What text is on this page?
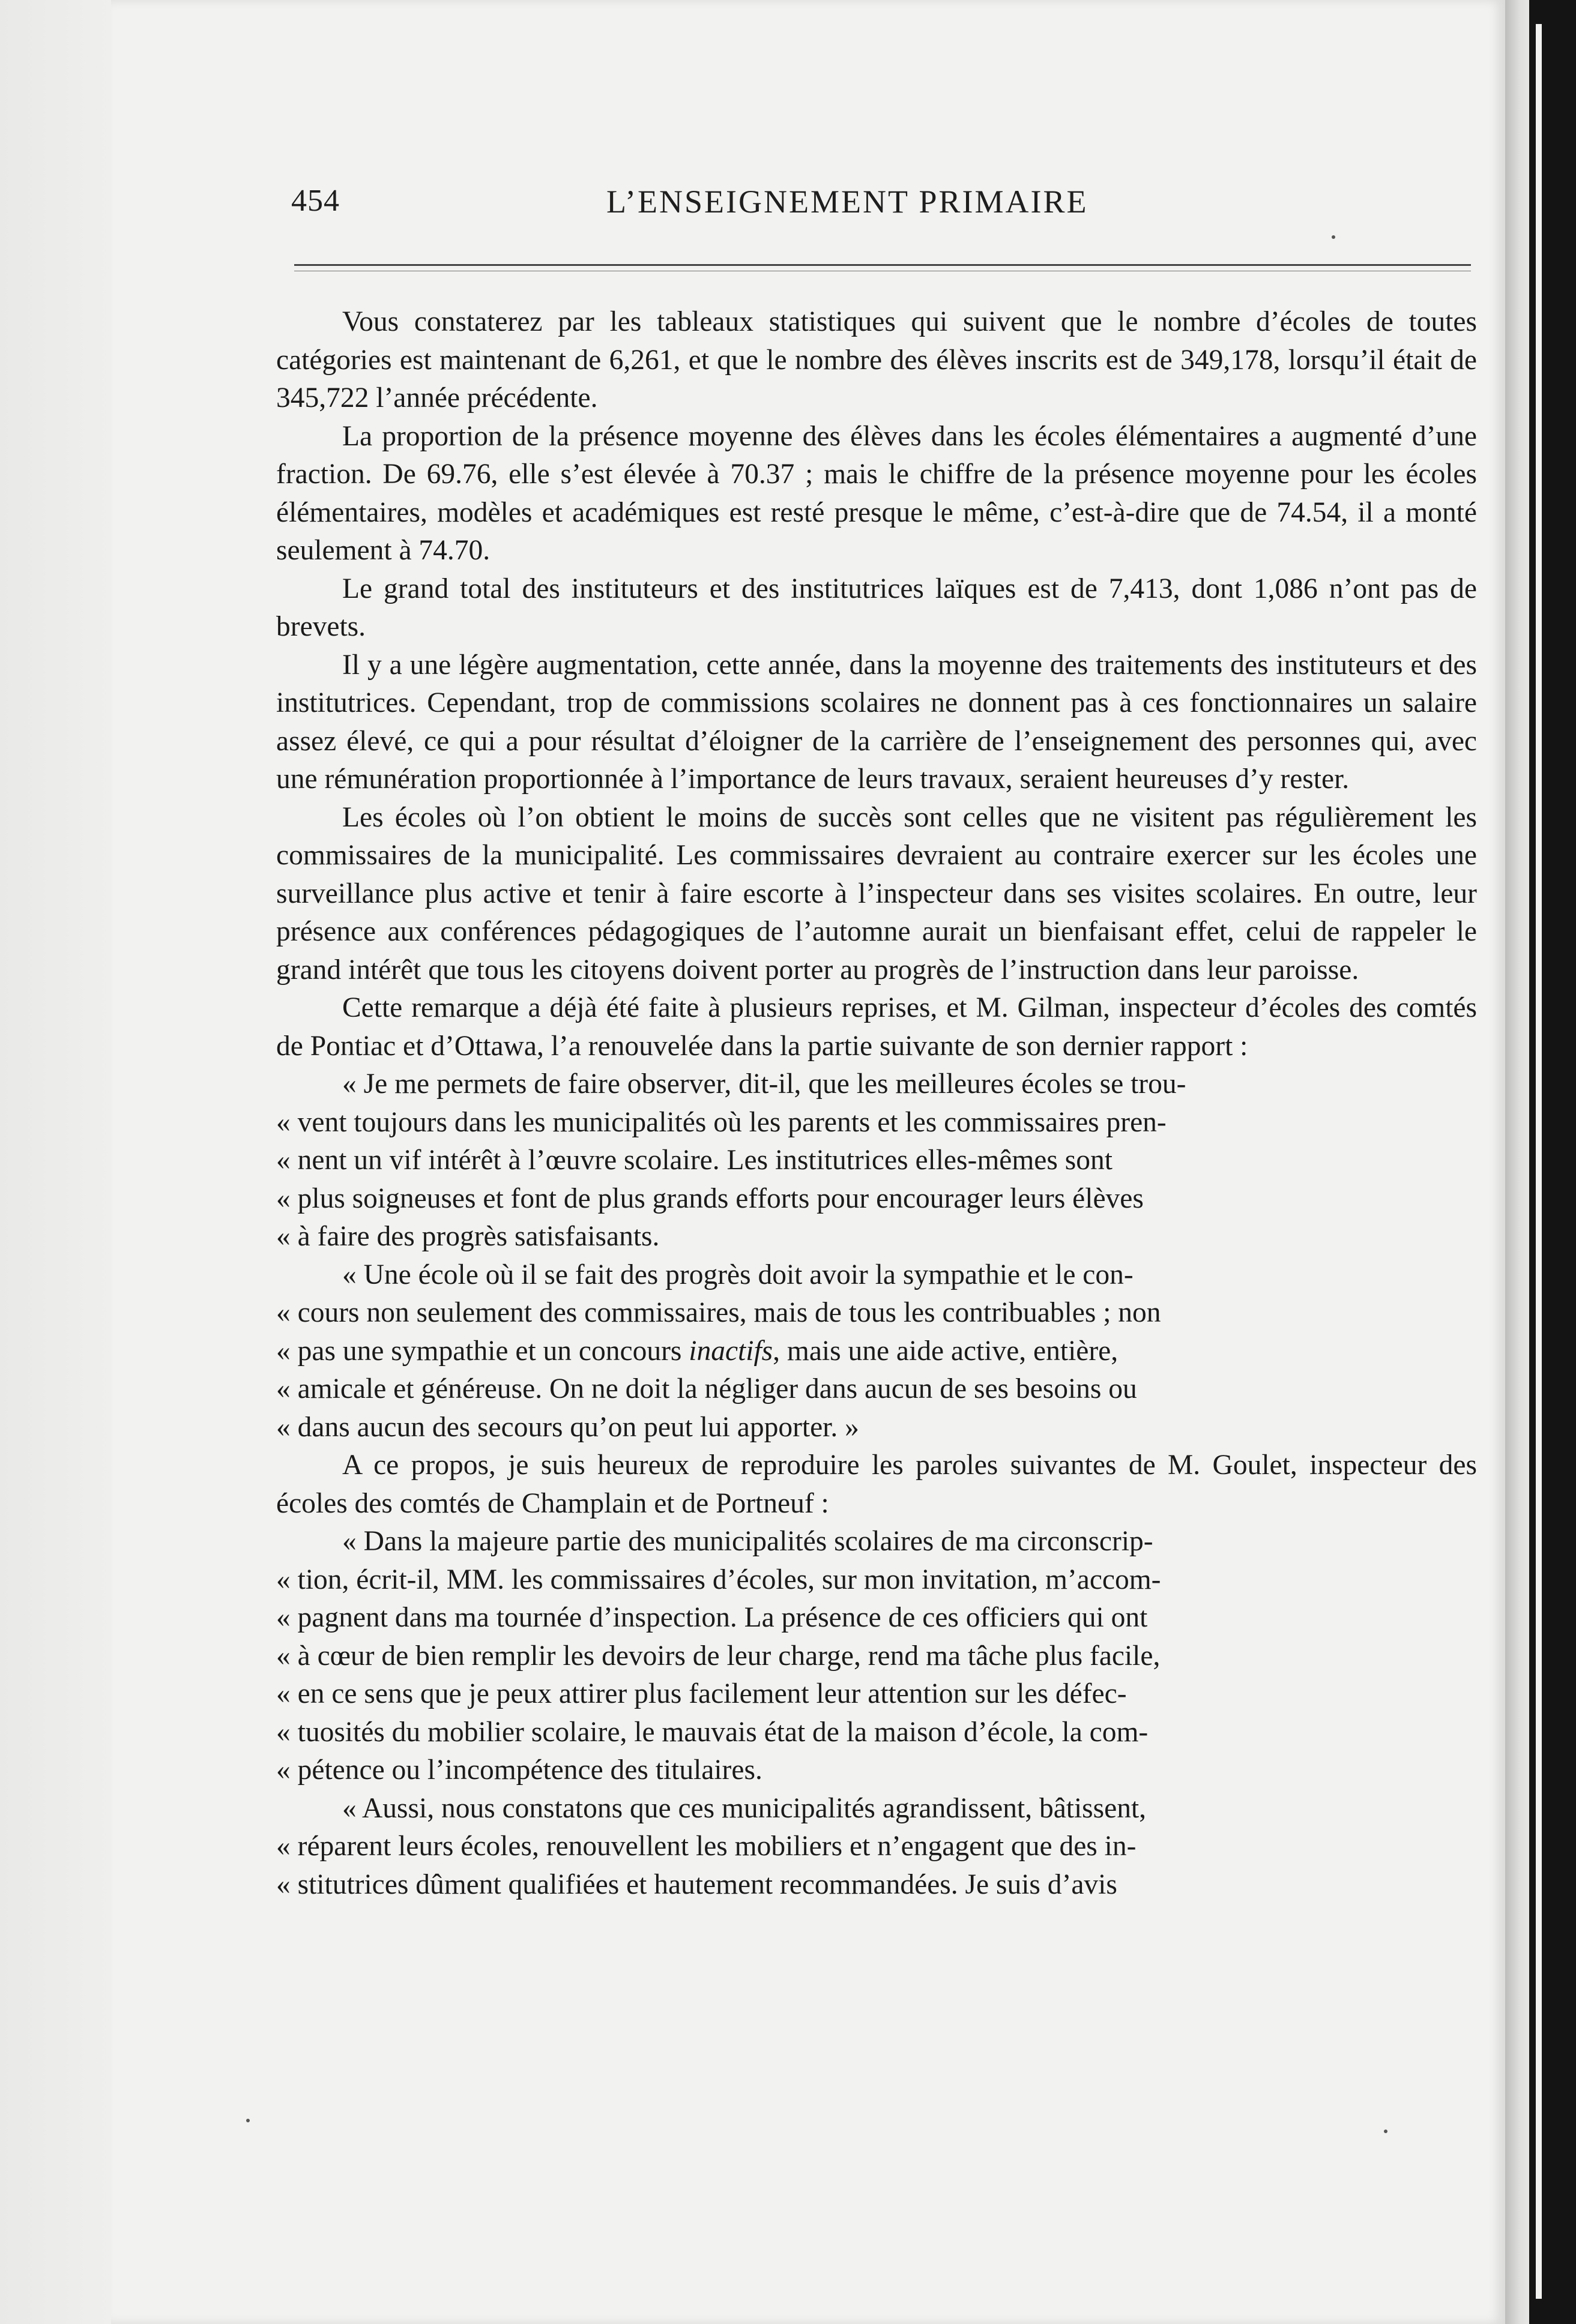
454	L’ENSEIGNEMENT PRIMAIRE

Vous constaterez par les tableaux statistiques qui suivent que le nombre d’écoles de toutes catégories est maintenant de 6,261, et que le nombre des élèves inscrits est de 349,178, lorsqu’il était de 345,722 l’année précédente.

La proportion de la présence moyenne des élèves dans les écoles élémentaires a augmenté d’une fraction. De 69.76, elle s’est élevée à 70.37 ; mais le chiffre de la présence moyenne pour les écoles élémentaires, modèles et académiques est resté presque le même, c’est-à-dire que de 74.54, il a monté seulement à 74.70.

Le grand total des instituteurs et des institutrices laïques est de 7,413, dont 1,086 n’ont pas de brevets.

Il y a une légère augmentation, cette année, dans la moyenne des traitements des instituteurs et des institutrices. Cependant, trop de commissions scolaires ne donnent pas à ces fonctionnaires un salaire assez élevé, ce qui a pour résultat d’éloigner de la carrière de l’enseignement des personnes qui, avec une rémunération proportionnée à l’importance de leurs travaux, seraient heureuses d’y rester.

Les écoles où l’on obtient le moins de succès sont celles que ne visitent pas régulièrement les commissaires de la municipalité. Les commissaires devraient au contraire exercer sur les écoles une surveillance plus active et tenir à faire escorte à l’inspecteur dans ses visites scolaires. En outre, leur présence aux conférences pédagogiques de l’automne aurait un bienfaisant effet, celui de rappeler le grand intérêt que tous les citoyens doivent porter au progrès de l’instruction dans leur paroisse.

Cette remarque a déjà été faite à plusieurs reprises, et M. Gilman, inspecteur d’écoles des comtés de Pontiac et d’Ottawa, l’a renouvelée dans la partie suivante de son dernier rapport :

« Je me permets de faire observer, dit-il, que les meilleures écoles se trou-

« vent toujours dans les municipalités où les parents et les commissaires pren-

« nent un vif intérêt à l’œuvre scolaire. Les institutrices elles-mêmes sont

« plus soigneuses et font de plus grands efforts pour encourager leurs élèves

« à faire des progrès satisfaisants.

« Une école où il se fait des progrès doit avoir la sympathie et le con-

« cours non seulement des commissaires, mais de tous les contribuables ; non

« pas une sympathie et un concours inactifs, mais une aide active, entière,

« amicale et généreuse. On ne doit la négliger dans aucun de ses besoins ou

« dans aucun des secours qu’on peut lui apporter. »

A ce propos, je suis heureux de reproduire les paroles suivantes de M. Goulet, inspecteur des écoles des comtés de Champlain et de Portneuf :

« Dans la majeure partie des municipalités scolaires de ma circonscrip-

« tion, écrit-il, MM. les commissaires d’écoles, sur mon invitation, m’accom-

« pagnent dans ma tournée d’inspection. La présence de ces officiers qui ont

« à cœur de bien remplir les devoirs de leur charge, rend ma tâche plus facile,

« en ce sens que je peux attirer plus facilement leur attention sur les défec-

« tuosités du mobilier scolaire, le mauvais état de la maison d’école, la com-

« pétence ou l’incompétence des titulaires.

« Aussi, nous constatons que ces municipalités agrandissent, bâtissent,

« réparent leurs écoles, renouvellent les mobiliers et n’engagent que des in-

« stitutrices dûment qualifiées et hautement recommandées. Je suis d’avis
